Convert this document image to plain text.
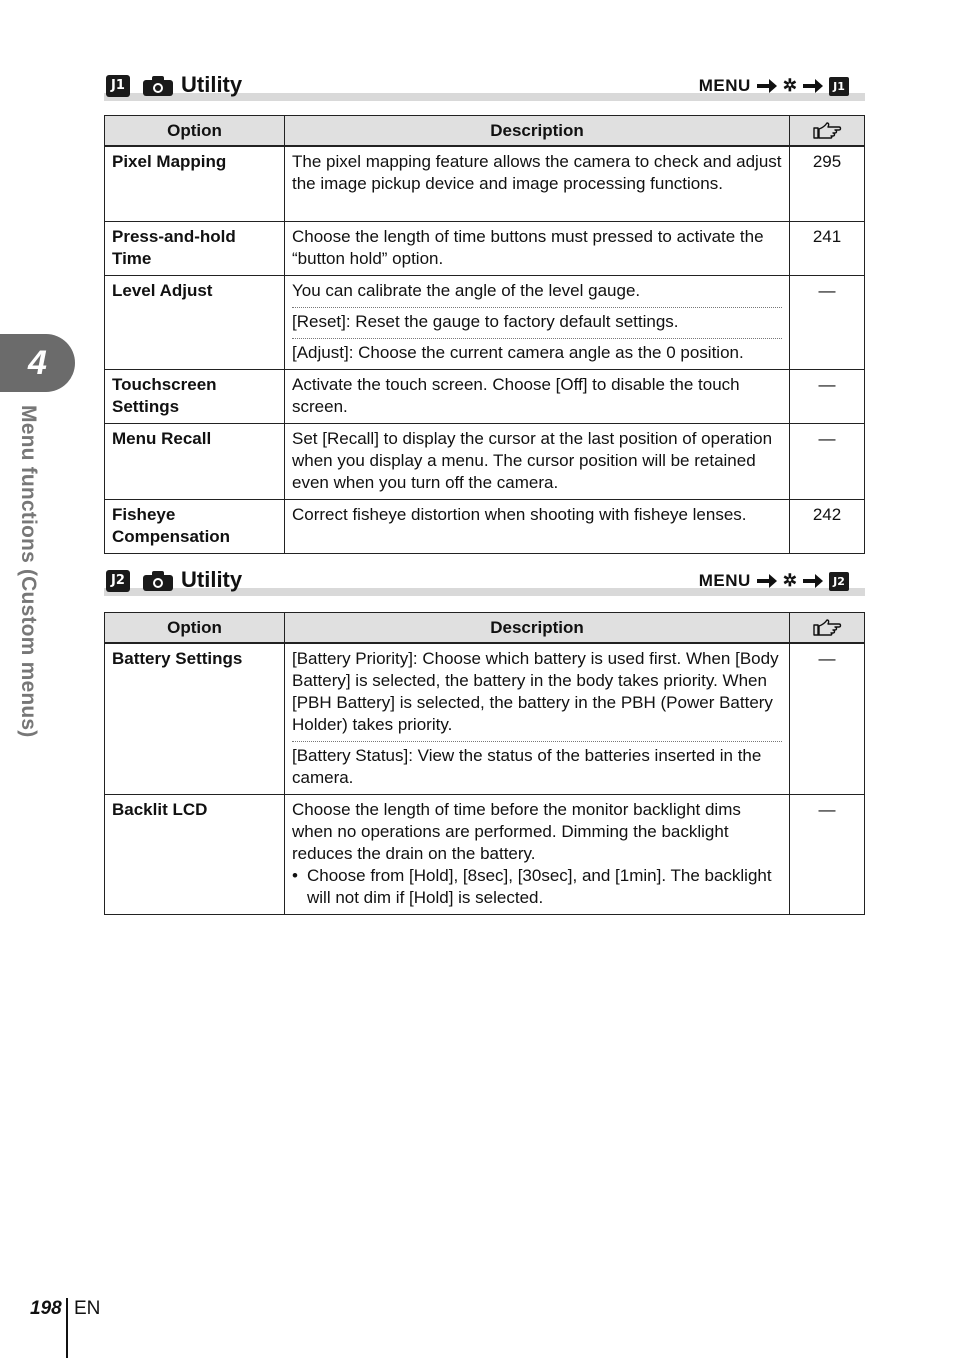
4
Menu functions (Custom menus)
J1	Utility	MENU ✲	J1
Option	Description	
Pixel Mapping	The pixel mapping feature allows the camera to check and adjust the image pickup device and image processing functions.	295
Press-and-hold Time	Choose the length of time buttons must pressed to activate the “button hold” option.	241
Level Adjust	You can calibrate the angle of the level gauge.
[Reset]: Reset the gauge to factory default settings.
[Adjust]: Choose the current camera angle as the 0 position.	—
Touchscreen Settings	Activate the touch screen. Choose [Off] to disable the touch screen.	—
Menu Recall	Set [Recall] to display the cursor at the last position of operation when you display a menu. The cursor position will be retained even when you turn off the camera.	—
Fisheye Compensation	Correct fisheye distortion when shooting with fisheye lenses.	242
J2	Utility	MENU ✲	J2
Option	Description	
Battery Settings	[Battery Priority]: Choose which battery is used first. When [Body Battery] is selected, the battery in the body takes priority. When [PBH Battery] is selected, the battery in the PBH (Power Battery Holder) takes priority.
[Battery Status]: View the status of the batteries inserted in the camera.	—
Backlit LCD	Choose the length of time before the monitor backlight dims when no operations are performed. Dimming the backlight reduces the drain on the battery.
• Choose from [Hold], [8sec], [30sec], and [1min]. The backlight will not dim if [Hold] is selected.	—
198 EN
